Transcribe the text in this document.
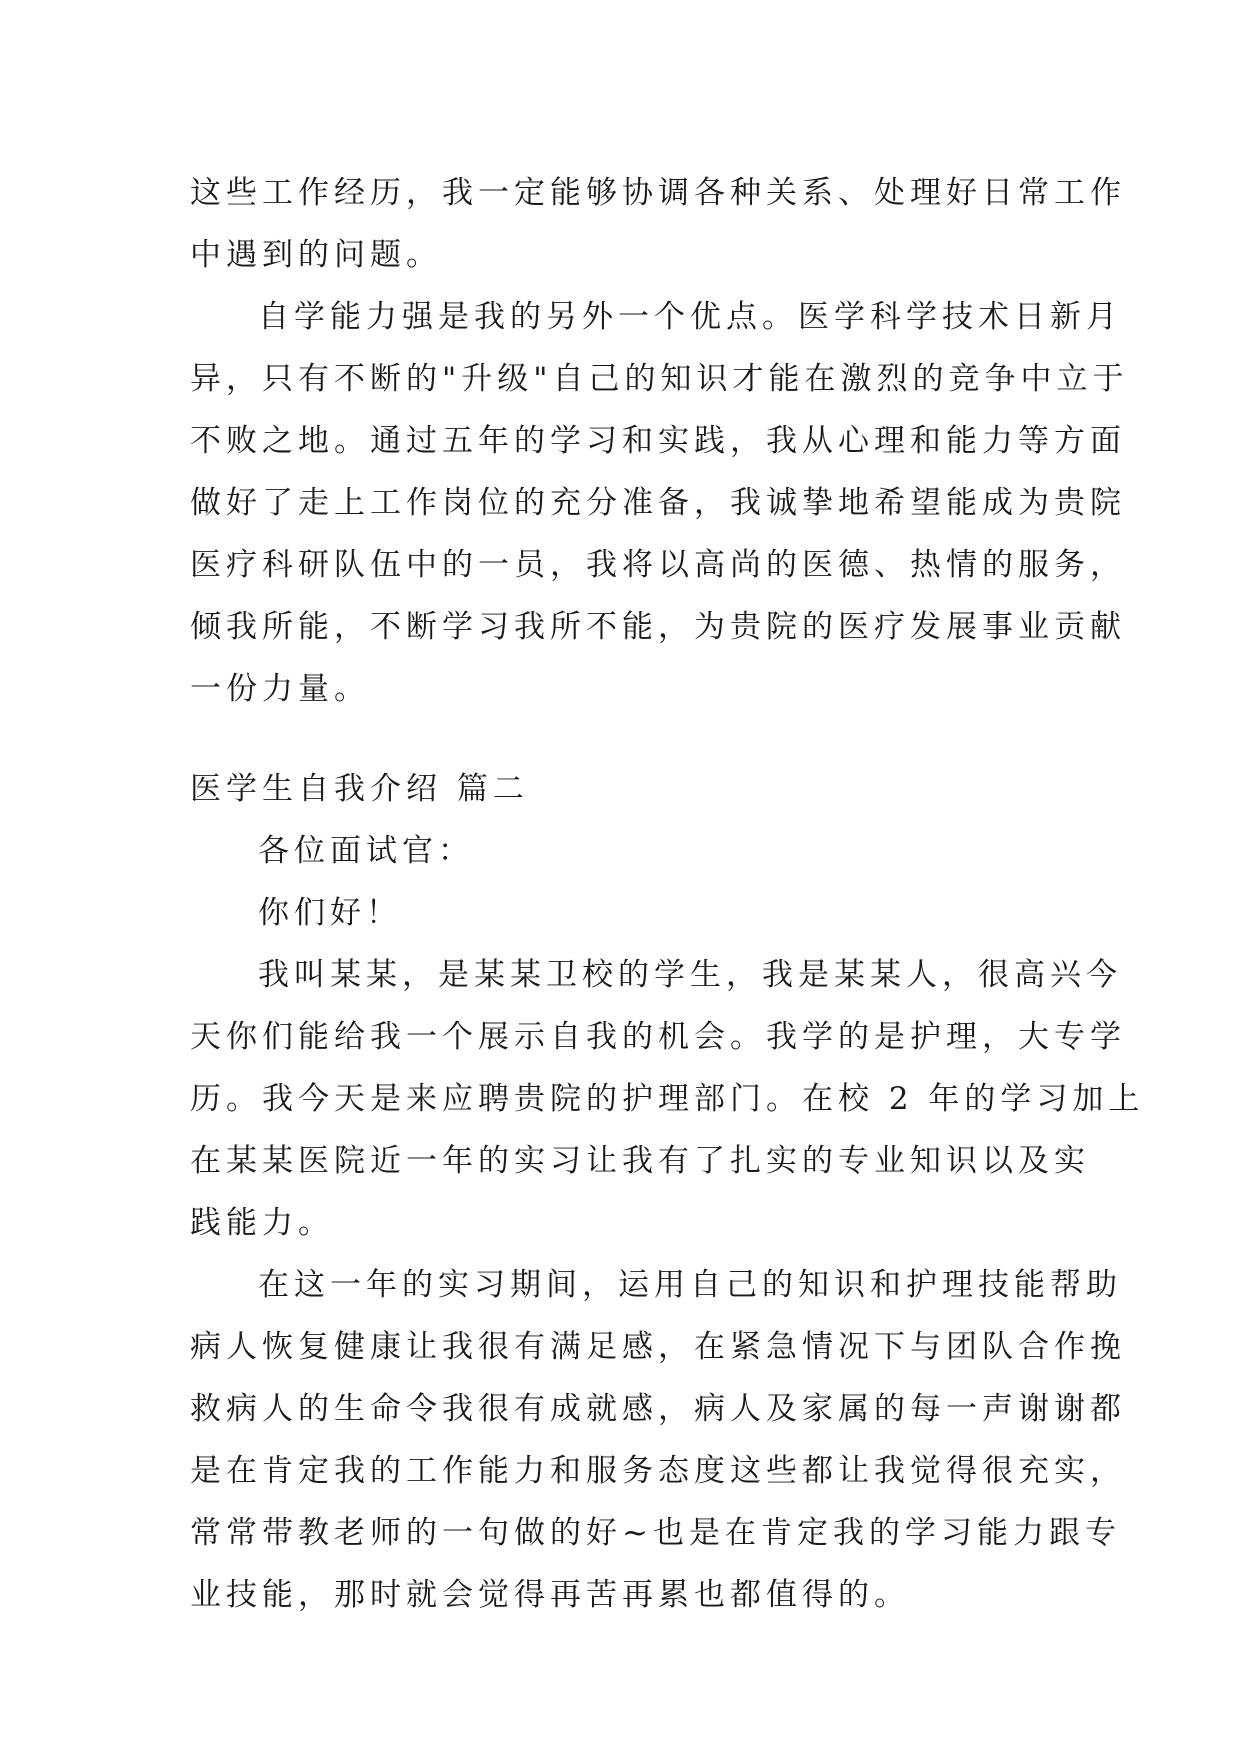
这些工作经历，我一定能够协调各种关系、处理好日常工作
中遇到的问题。
自学能力强是我的另外一个优点。医学科学技术日新月
异，只有不断的"升级"自己的知识才能在激烈的竞争中立于
不败之地。通过五年的学习和实践，我从心理和能力等方面
做好了走上工作岗位的充分准备，我诚挚地希望能成为贵院
医疗科研队伍中的一员，我将以高尚的医德、热情的服务，
倾我所能，不断学习我所不能，为贵院的医疗发展事业贡献
一份力量。
医学生自我介绍 篇二
各位面试官：
你们好！
我叫某某，是某某卫校的学生，我是某某人，很高兴今
天你们能给我一个展示自我的机会。我学的是护理，大专学
历。我今天是来应聘贵院的护理部门。在校 2 年的学习加上
在某某医院近一年的实习让我有了扎实的专业知识以及实
践能力。
在这一年的实习期间，运用自己的知识和护理技能帮助
病人恢复健康让我很有满足感，在紧急情况下与团队合作挽
救病人的生命令我很有成就感，病人及家属的每一声谢谢都
是在肯定我的工作能力和服务态度这些都让我觉得很充实，
常常带教老师的一句做的好~也是在肯定我的学习能力跟专
业技能，那时就会觉得再苦再累也都值得的。
